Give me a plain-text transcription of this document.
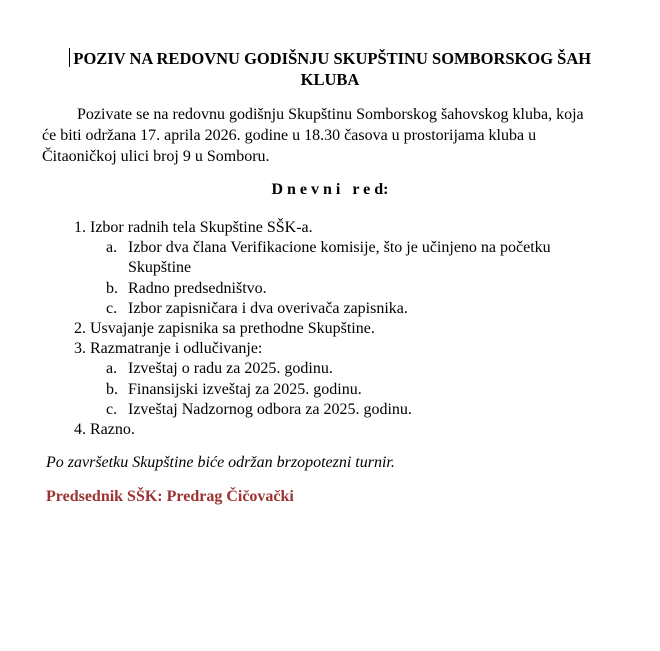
POZIV NA REDOVNU GODIŠNJU SKUPŠTINU SOMBORSKOG ŠAH
KLUBA
Pozivate se na redovnu godišnju Skupštinu Somborskog šahovskog kluba, koja
će biti održana 17. aprila 2026. godine u 18.30 časova u prostorijama kluba u
Čitaoničkoj ulici broj 9 u Somboru.
D n e v n i   r e d:
1. Izbor radnih tela Skupštine SŠK-a.
a. Izbor dva člana Verifikacione komisije, što je učinjeno na početku
Skupštine
b. Radno predsedništvo.
c. Izbor zapisničara i dva overivača zapisnika.
2. Usvajanje zapisnika sa prethodne Skupštine.
3. Razmatranje i odlučivanje:
a. Izveštaj o radu za 2025. godinu.
b. Finansijski izveštaj za 2025. godinu.
c. Izveštaj Nadzornog odbora za 2025. godinu.
4. Razno.
Po završetku Skupštine biće održan brzopotezni turnir.
Predsednik SŠK: Predrag Čičovački
